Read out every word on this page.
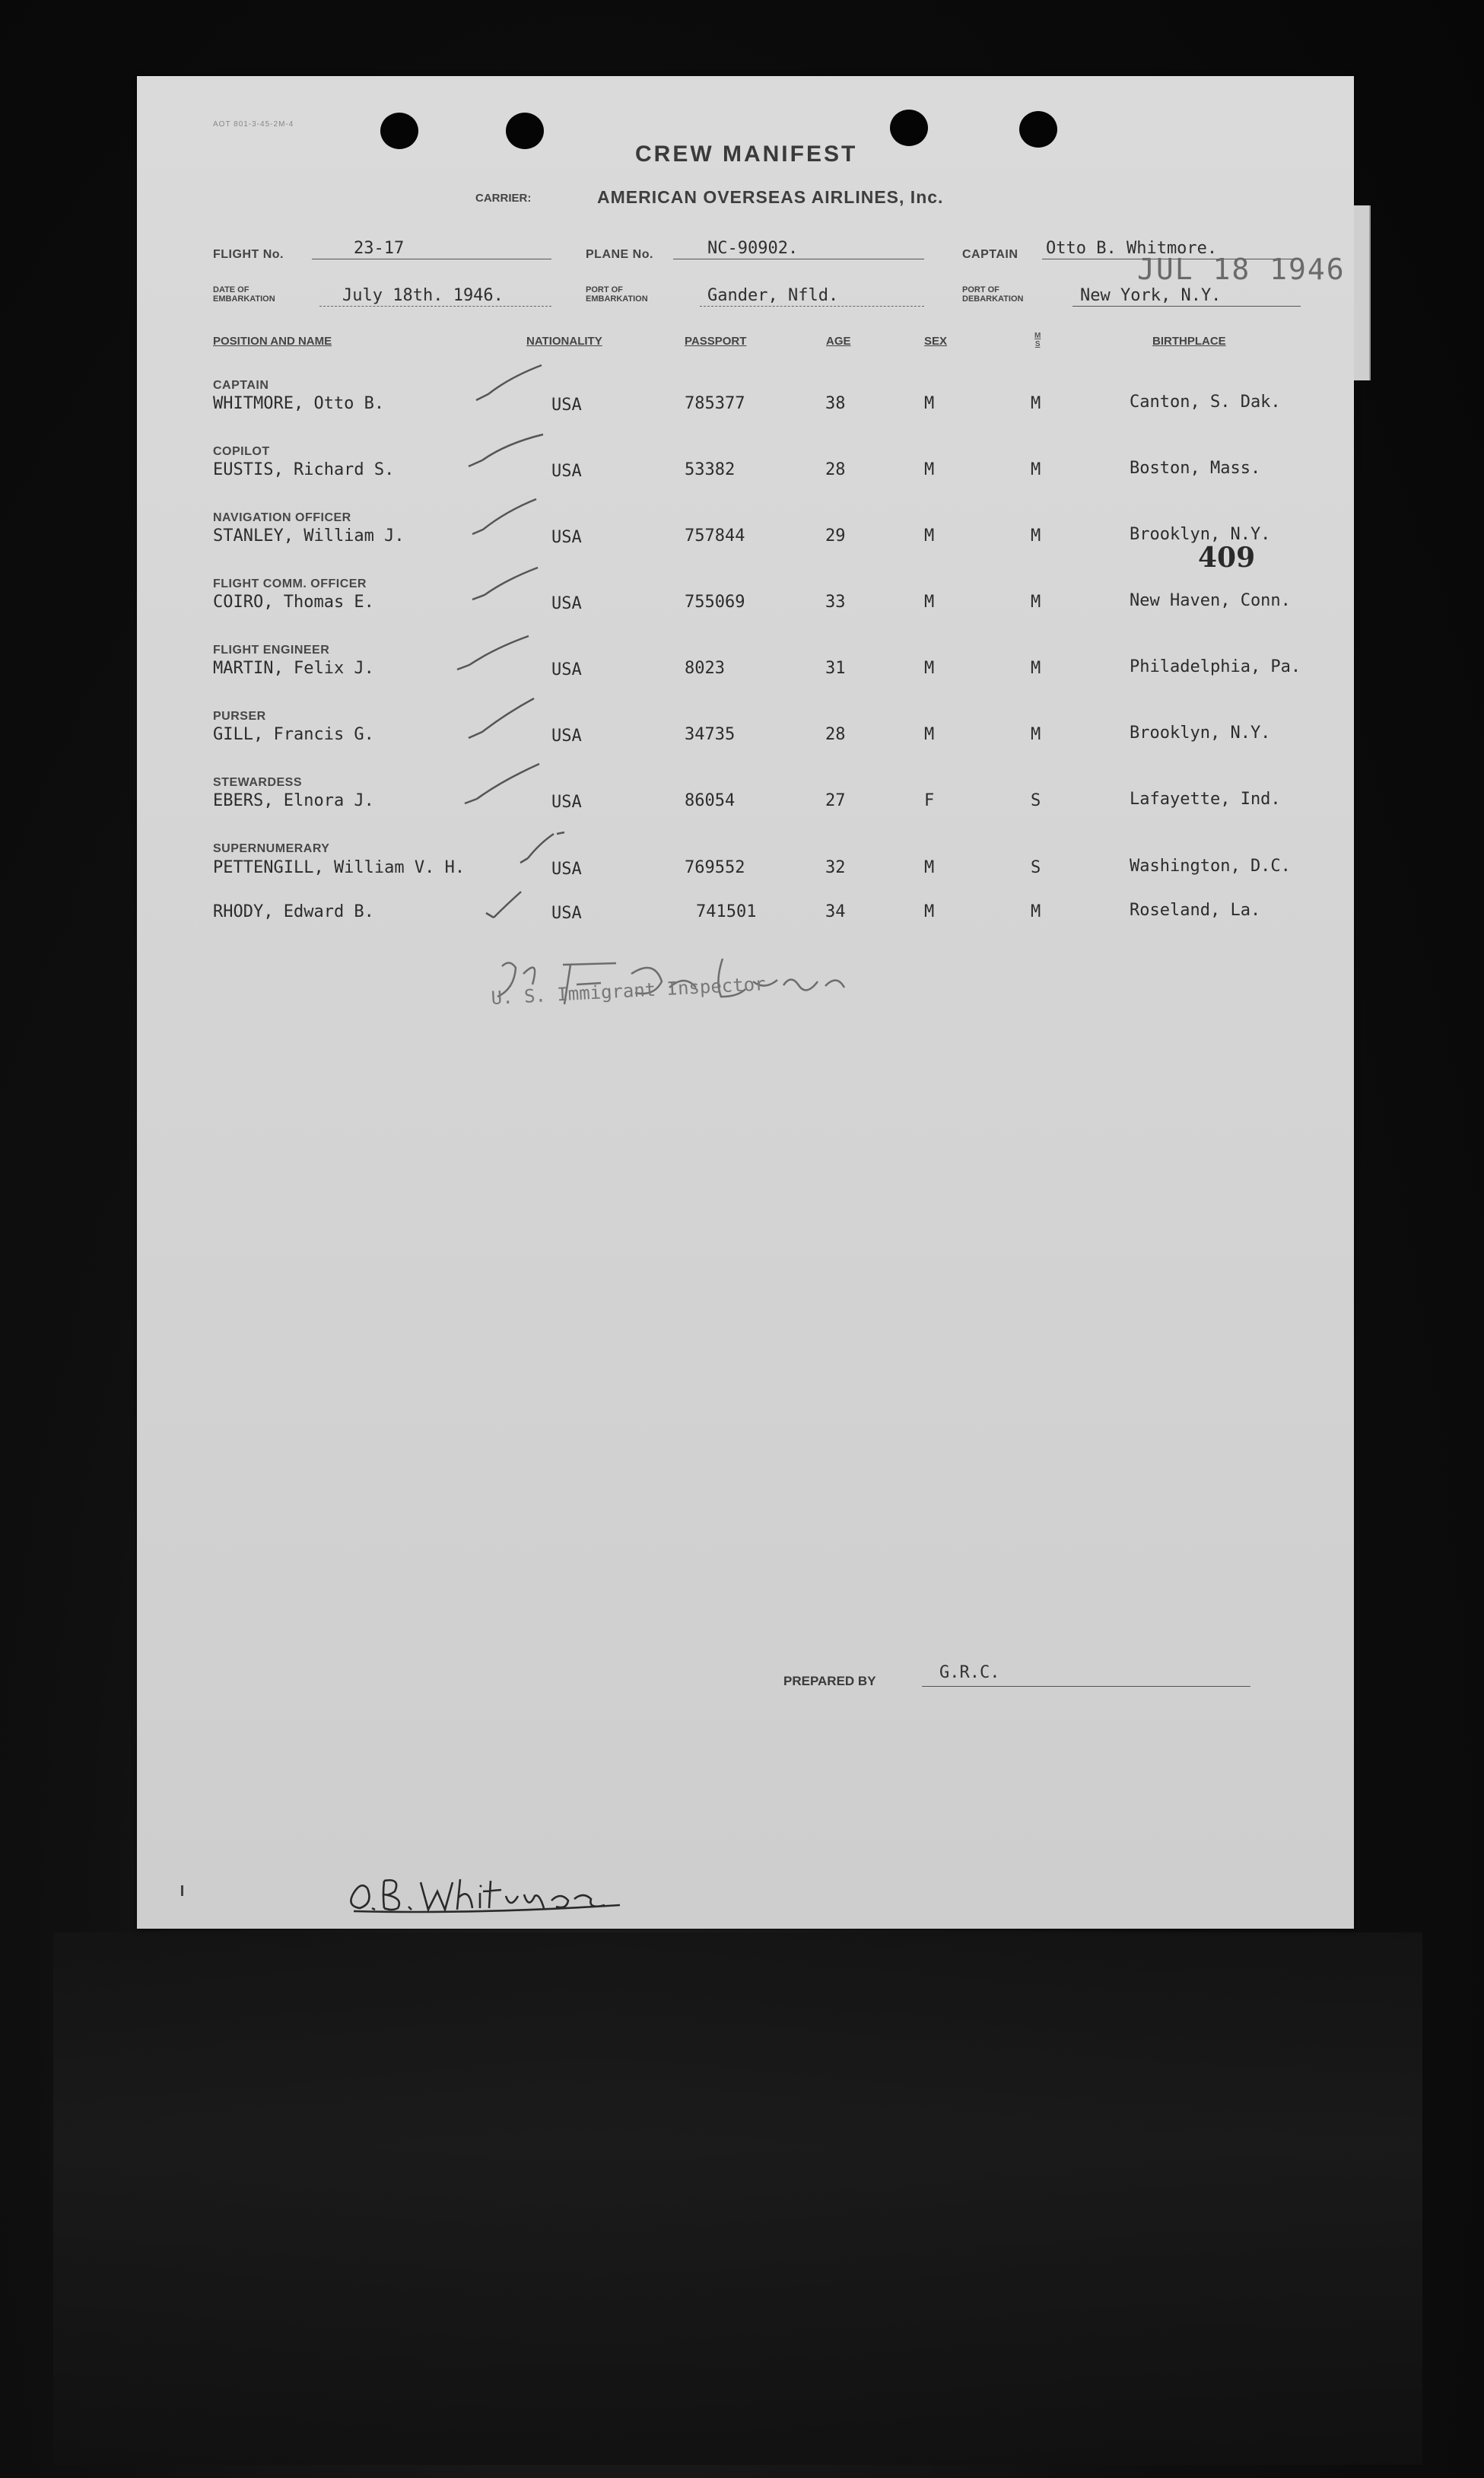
AOT 801-3-45-2M-4
CREW MANIFEST
CARRIER:	AMERICAN OVERSEAS AIRLINES, Inc.
FLIGHT No.	23-17	PLANE No.	NC-90902.	CAPTAIN Otto B. Whitmore.
JUL 18 1946
DATE OF
EMBARKATION	July 18th. 1946.	PORT OF
EMBARKATION	Gander, Nfld.	PORT OF
DEBARKATION	New York, N.Y.
POSITION AND NAME	NATIONALITY	PASSPORT	AGE	SEX	M
S	BIRTHPLACE
CAPTAIN
WHITMORE, Otto B.	USA	785377	38	M	M	Canton, S. Dak.
COPILOT
EUSTIS, Richard S.	USA	53382	28	M	M	Boston, Mass.
NAVIGATION OFFICER
STANLEY, William J.	USA	757844	29	M	M	Brooklyn, N.Y.
FLIGHT COMM. OFFICER
COIRO, Thomas E.	USA	755069	33	M	M	New Haven, Conn.
FLIGHT ENGINEER
MARTIN, Felix J.	USA	8023	31	M	M	Philadelphia, Pa.
PURSER
GILL, Francis G.	USA	34735	28	M	M	Brooklyn, N.Y.
STEWARDESS
EBERS, Elnora J.	USA	86054	27	F	S	Lafayette, Ind.
SUPERNUMERARY
PETTENGILL, William V. H.	USA	769552	32	M	S	Washington, D.C.
RHODY, Edward B.	USA	741501	34	M	M	Roseland, La.
409
U. S. Immigrant Inspector
PREPARED BY	G.R.C.
